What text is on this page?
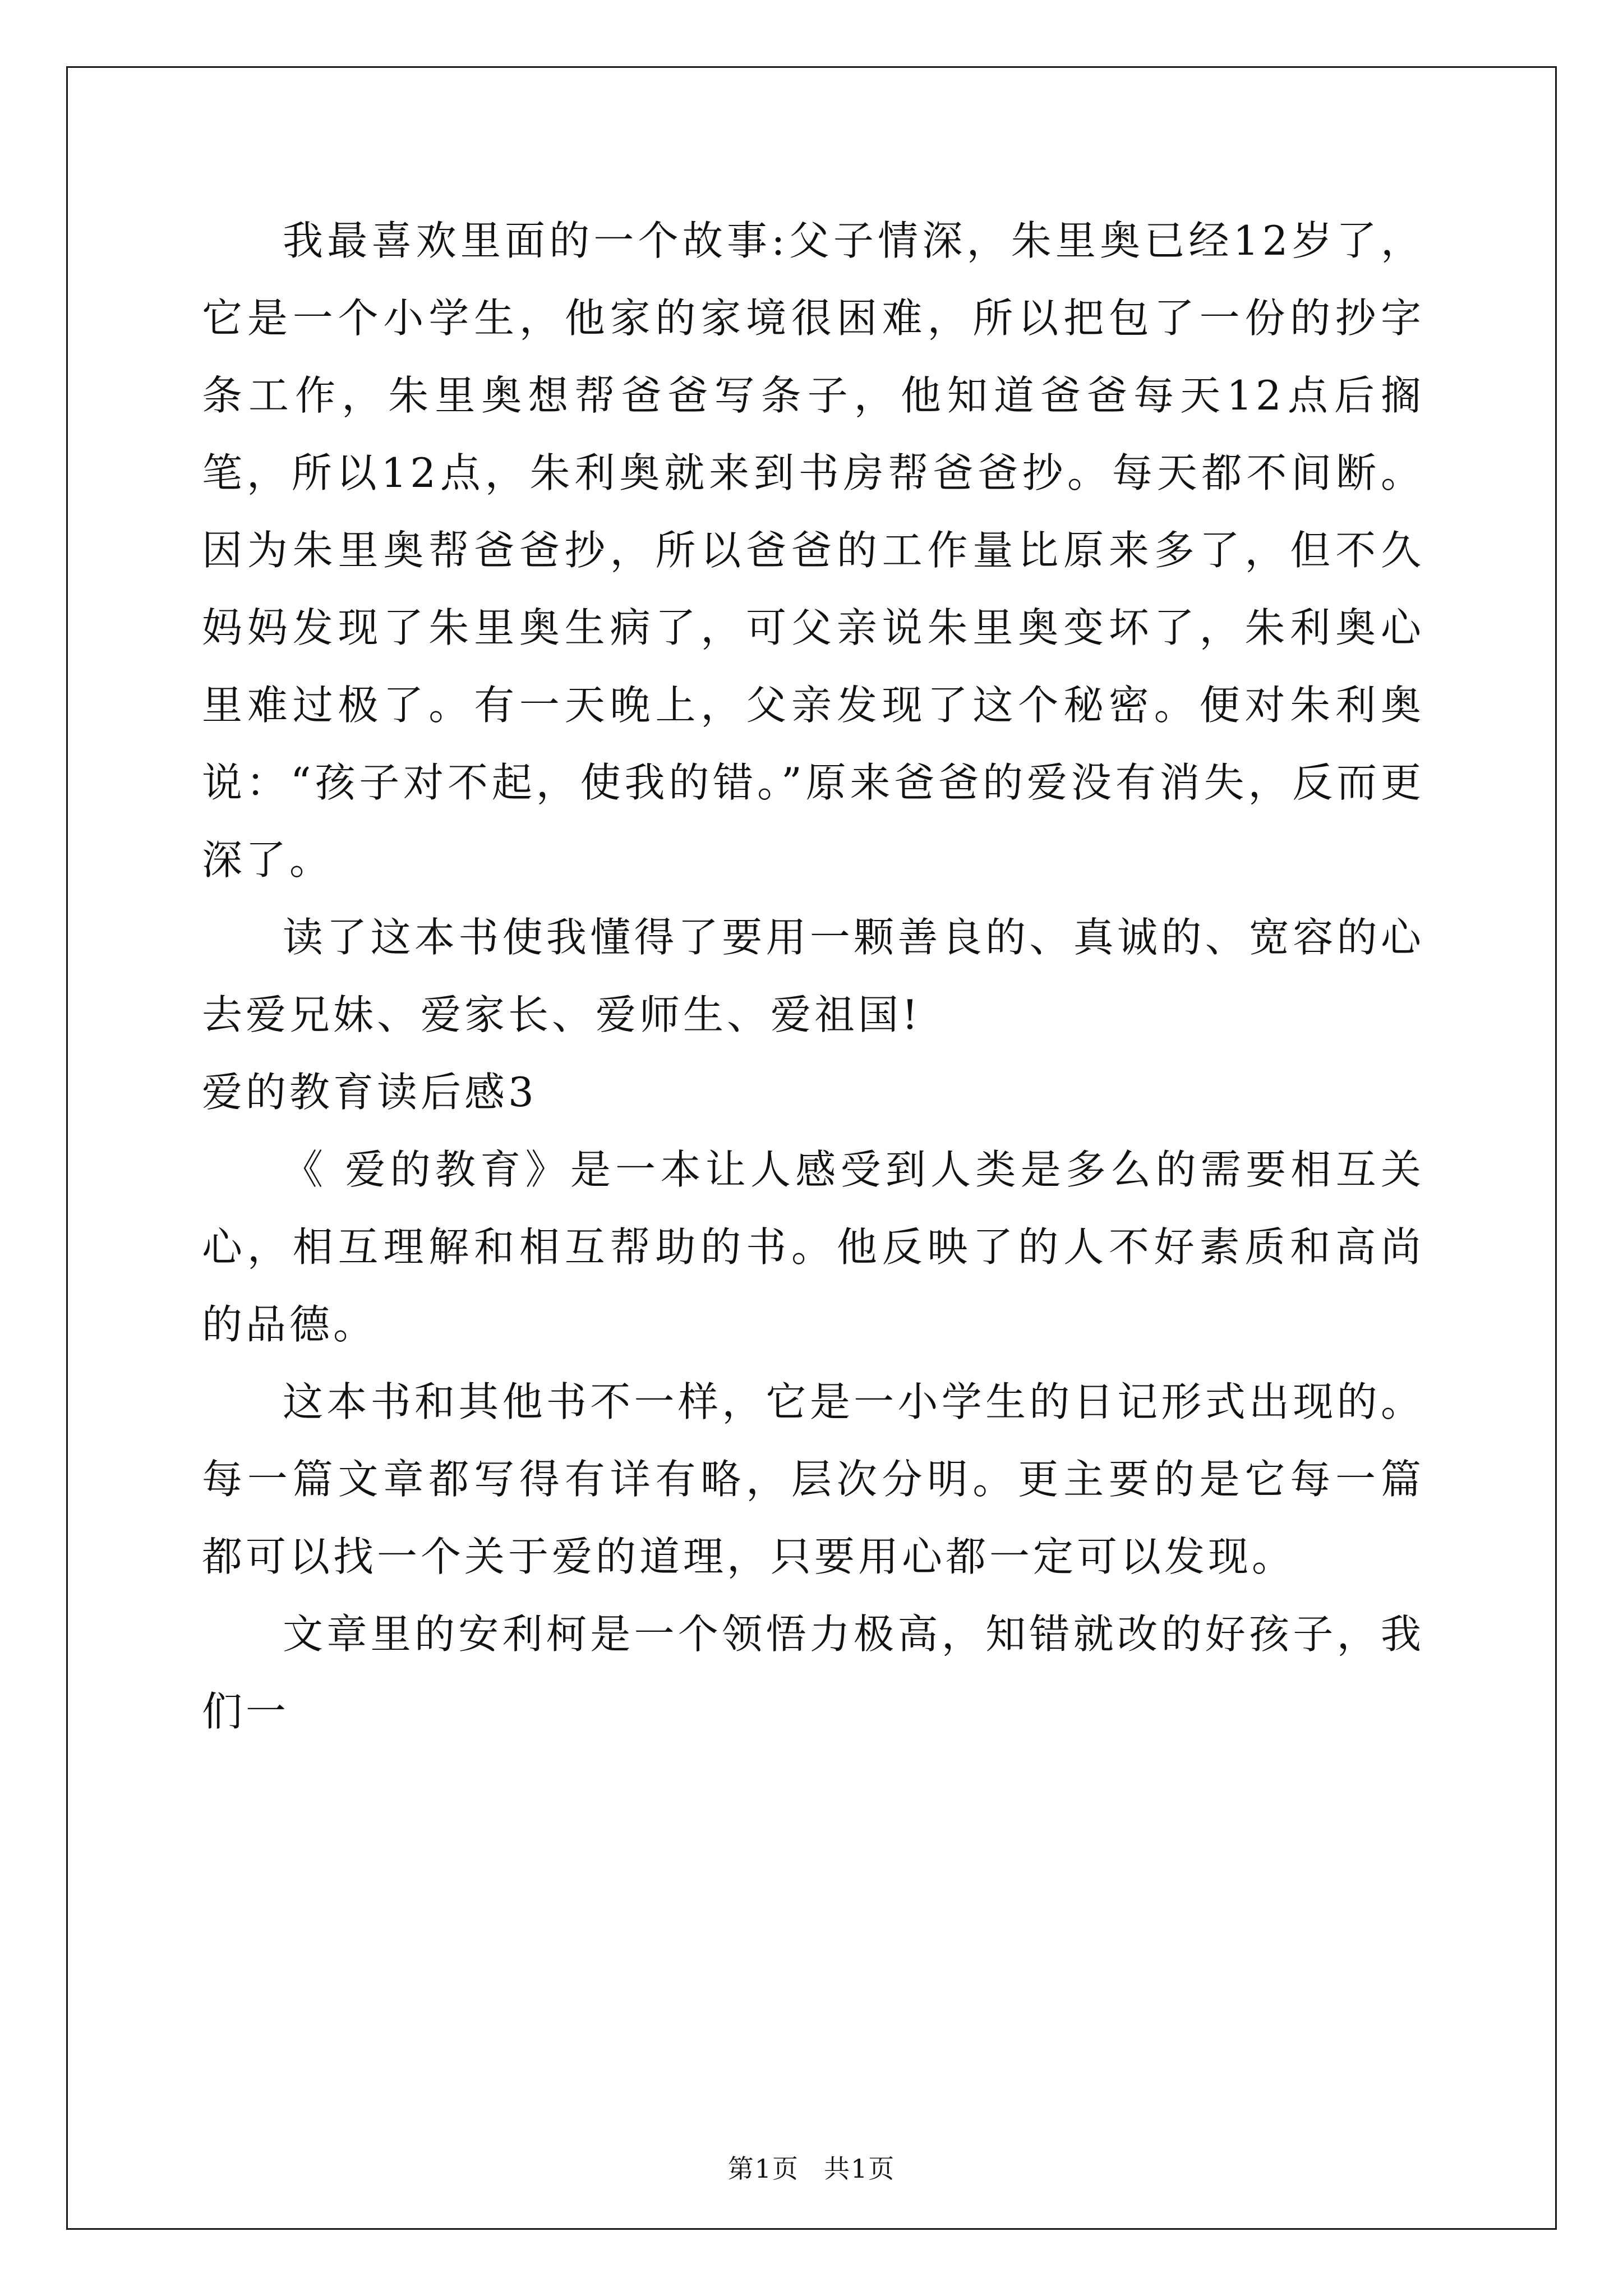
我最喜欢里面的一个故事:父子情深，朱里奥已经12岁了，它是一个小学生，他家的家境很困难，所以把包了一份的抄字条工作，朱里奥想帮爸爸写条子，他知道爸爸每天12点后搁笔，所以12点，朱利奥就来到书房帮爸爸抄。每天都不间断。因为朱里奥帮爸爸抄，所以爸爸的工作量比原来多了，但不久妈妈发现了朱里奥生病了，可父亲说朱里奥变坏了，朱利奥心里难过极了。有一天晚上，父亲发现了这个秘密。便对朱利奥说：“孩子对不起，使我的错。”原来爸爸的爱没有消失，反而更深了。

读了这本书使我懂得了要用一颗善良的、真诚的、宽容的心去爱兄妹、爱家长、爱师生、爱祖国!

爱的教育读后感3

《 爱的教育》是一本让人感受到人类是多么的需要相互关心，相互理解和相互帮助的书。他反映了的人不好素质和高尚的品德。

这本书和其他书不一样，它是一小学生的日记形式出现的。每一篇文章都写得有详有略，层次分明。更主要的是它每一篇都可以找一个关于爱的道理，只要用心都一定可以发现。

文章里的安利柯是一个领悟力极高，知错就改的好孩子，我们一

第1页 共1页
